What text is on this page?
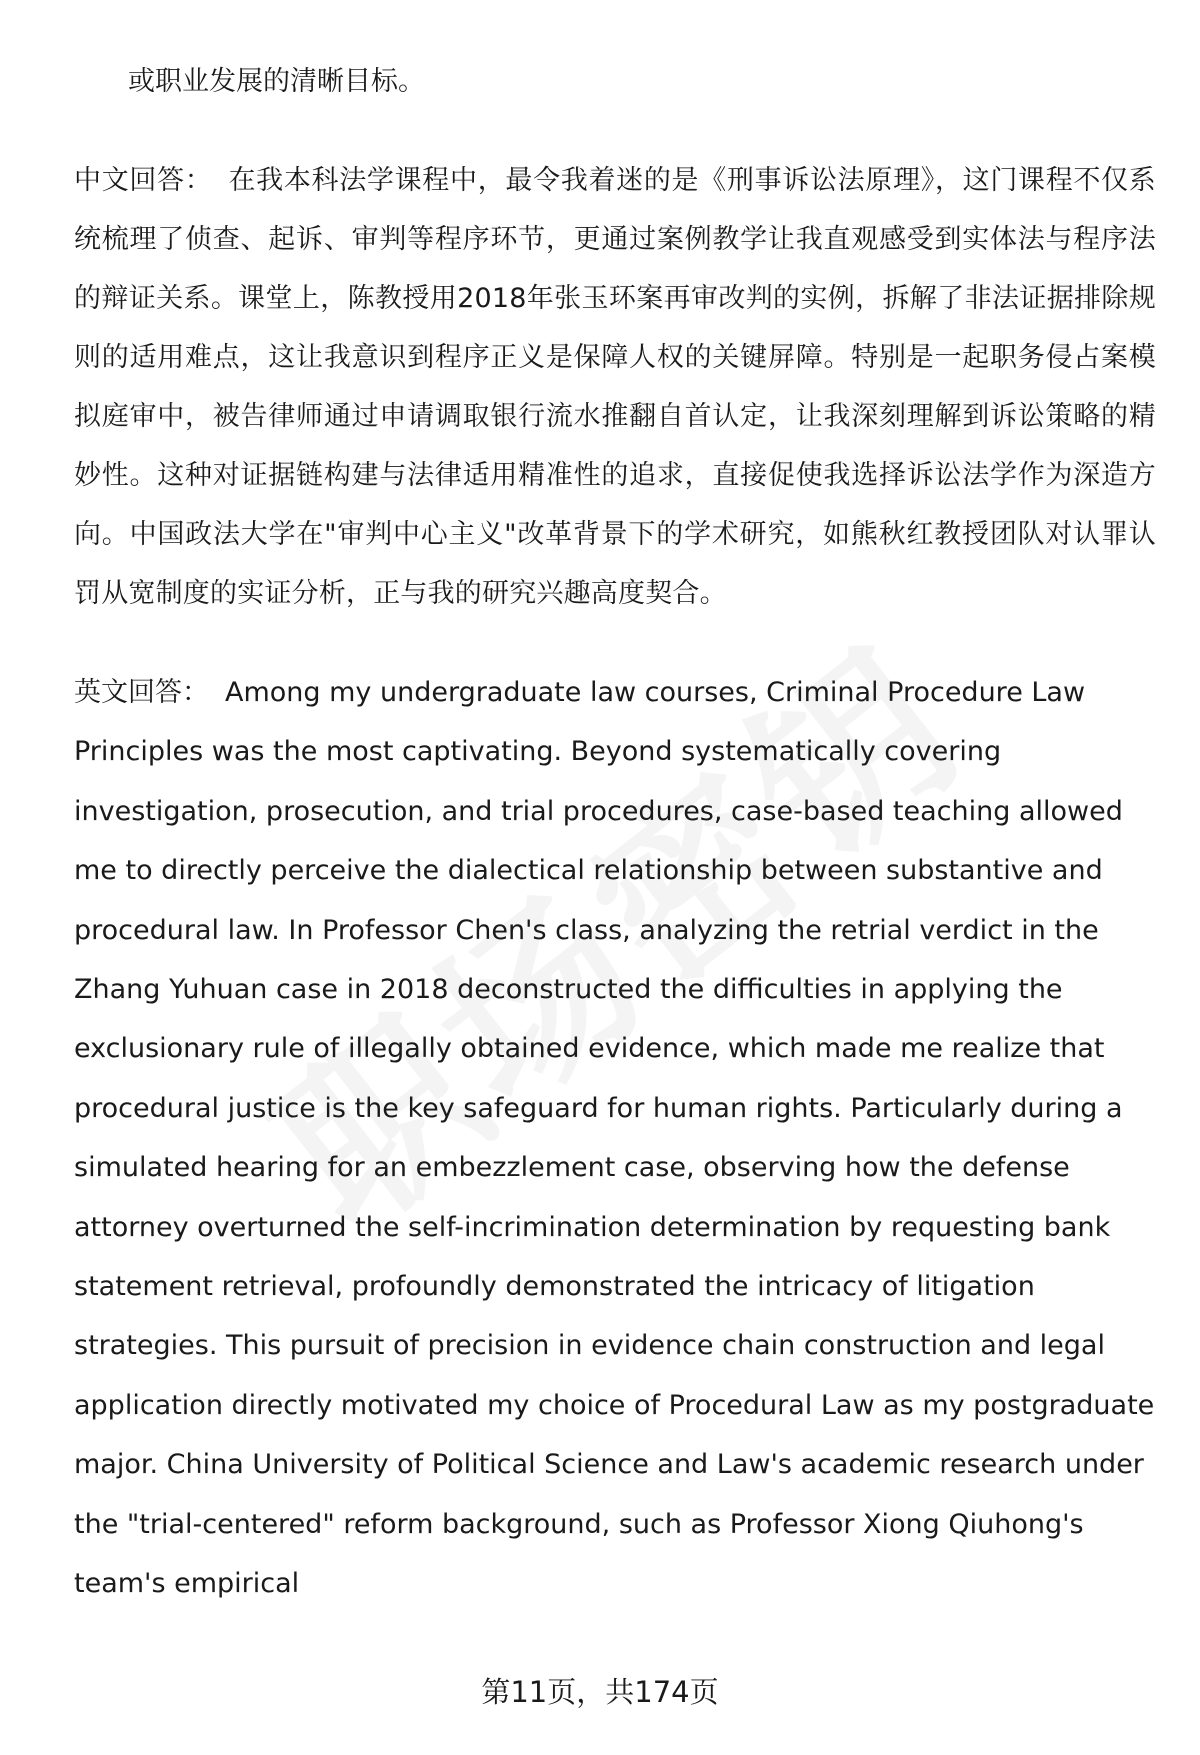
或职业发展的清晰目标。

中文回答： 在我本科法学课程中，最令我着迷的是《刑事诉讼法原理》，这门课程不仅系统梳理了侦查、起诉、审判等程序环节，更通过案例教学让我直观感受到实体法与程序法的辩证关系。课堂上，陈教授用2018年张玉环案再审改判的实例，拆解了非法证据排除规则的适用难点，这让我意识到程序正义是保障人权的关键屏障。特别是一起职务侵占案模拟庭审中，被告律师通过申请调取银行流水推翻自首认定，让我深刻理解到诉讼策略的精妙性。这种对证据链构建与法律适用精准性的追求，直接促使我选择诉讼法学作为深造方向。中国政法大学在"审判中心主义"改革背景下的学术研究，如熊秋红教授团队对认罪认罚从宽制度的实证分析，正与我的研究兴趣高度契合。

英文回答： Among my undergraduate law courses, Criminal Procedure Law Principles was the most captivating. Beyond systematically covering investigation, prosecution, and trial procedures, case-based teaching allowed me to directly perceive the dialectical relationship between substantive and procedural law. In Professor Chen's class, analyzing the retrial verdict in the Zhang Yuhuan case in 2018 deconstructed the difficulties in applying the exclusionary rule of illegally obtained evidence, which made me realize that procedural justice is the key safeguard for human rights. Particularly during a simulated hearing for an embezzlement case, observing how the defense attorney overturned the self-incrimination determination by requesting bank statement retrieval, profoundly demonstrated the intricacy of litigation strategies. This pursuit of precision in evidence chain construction and legal application directly motivated my choice of Procedural Law as my postgraduate major. China University of Political Science and Law's academic research under the "trial-centered" reform background, such as Professor Xiong Qiuhong's team's empirical

第11页，共174页
